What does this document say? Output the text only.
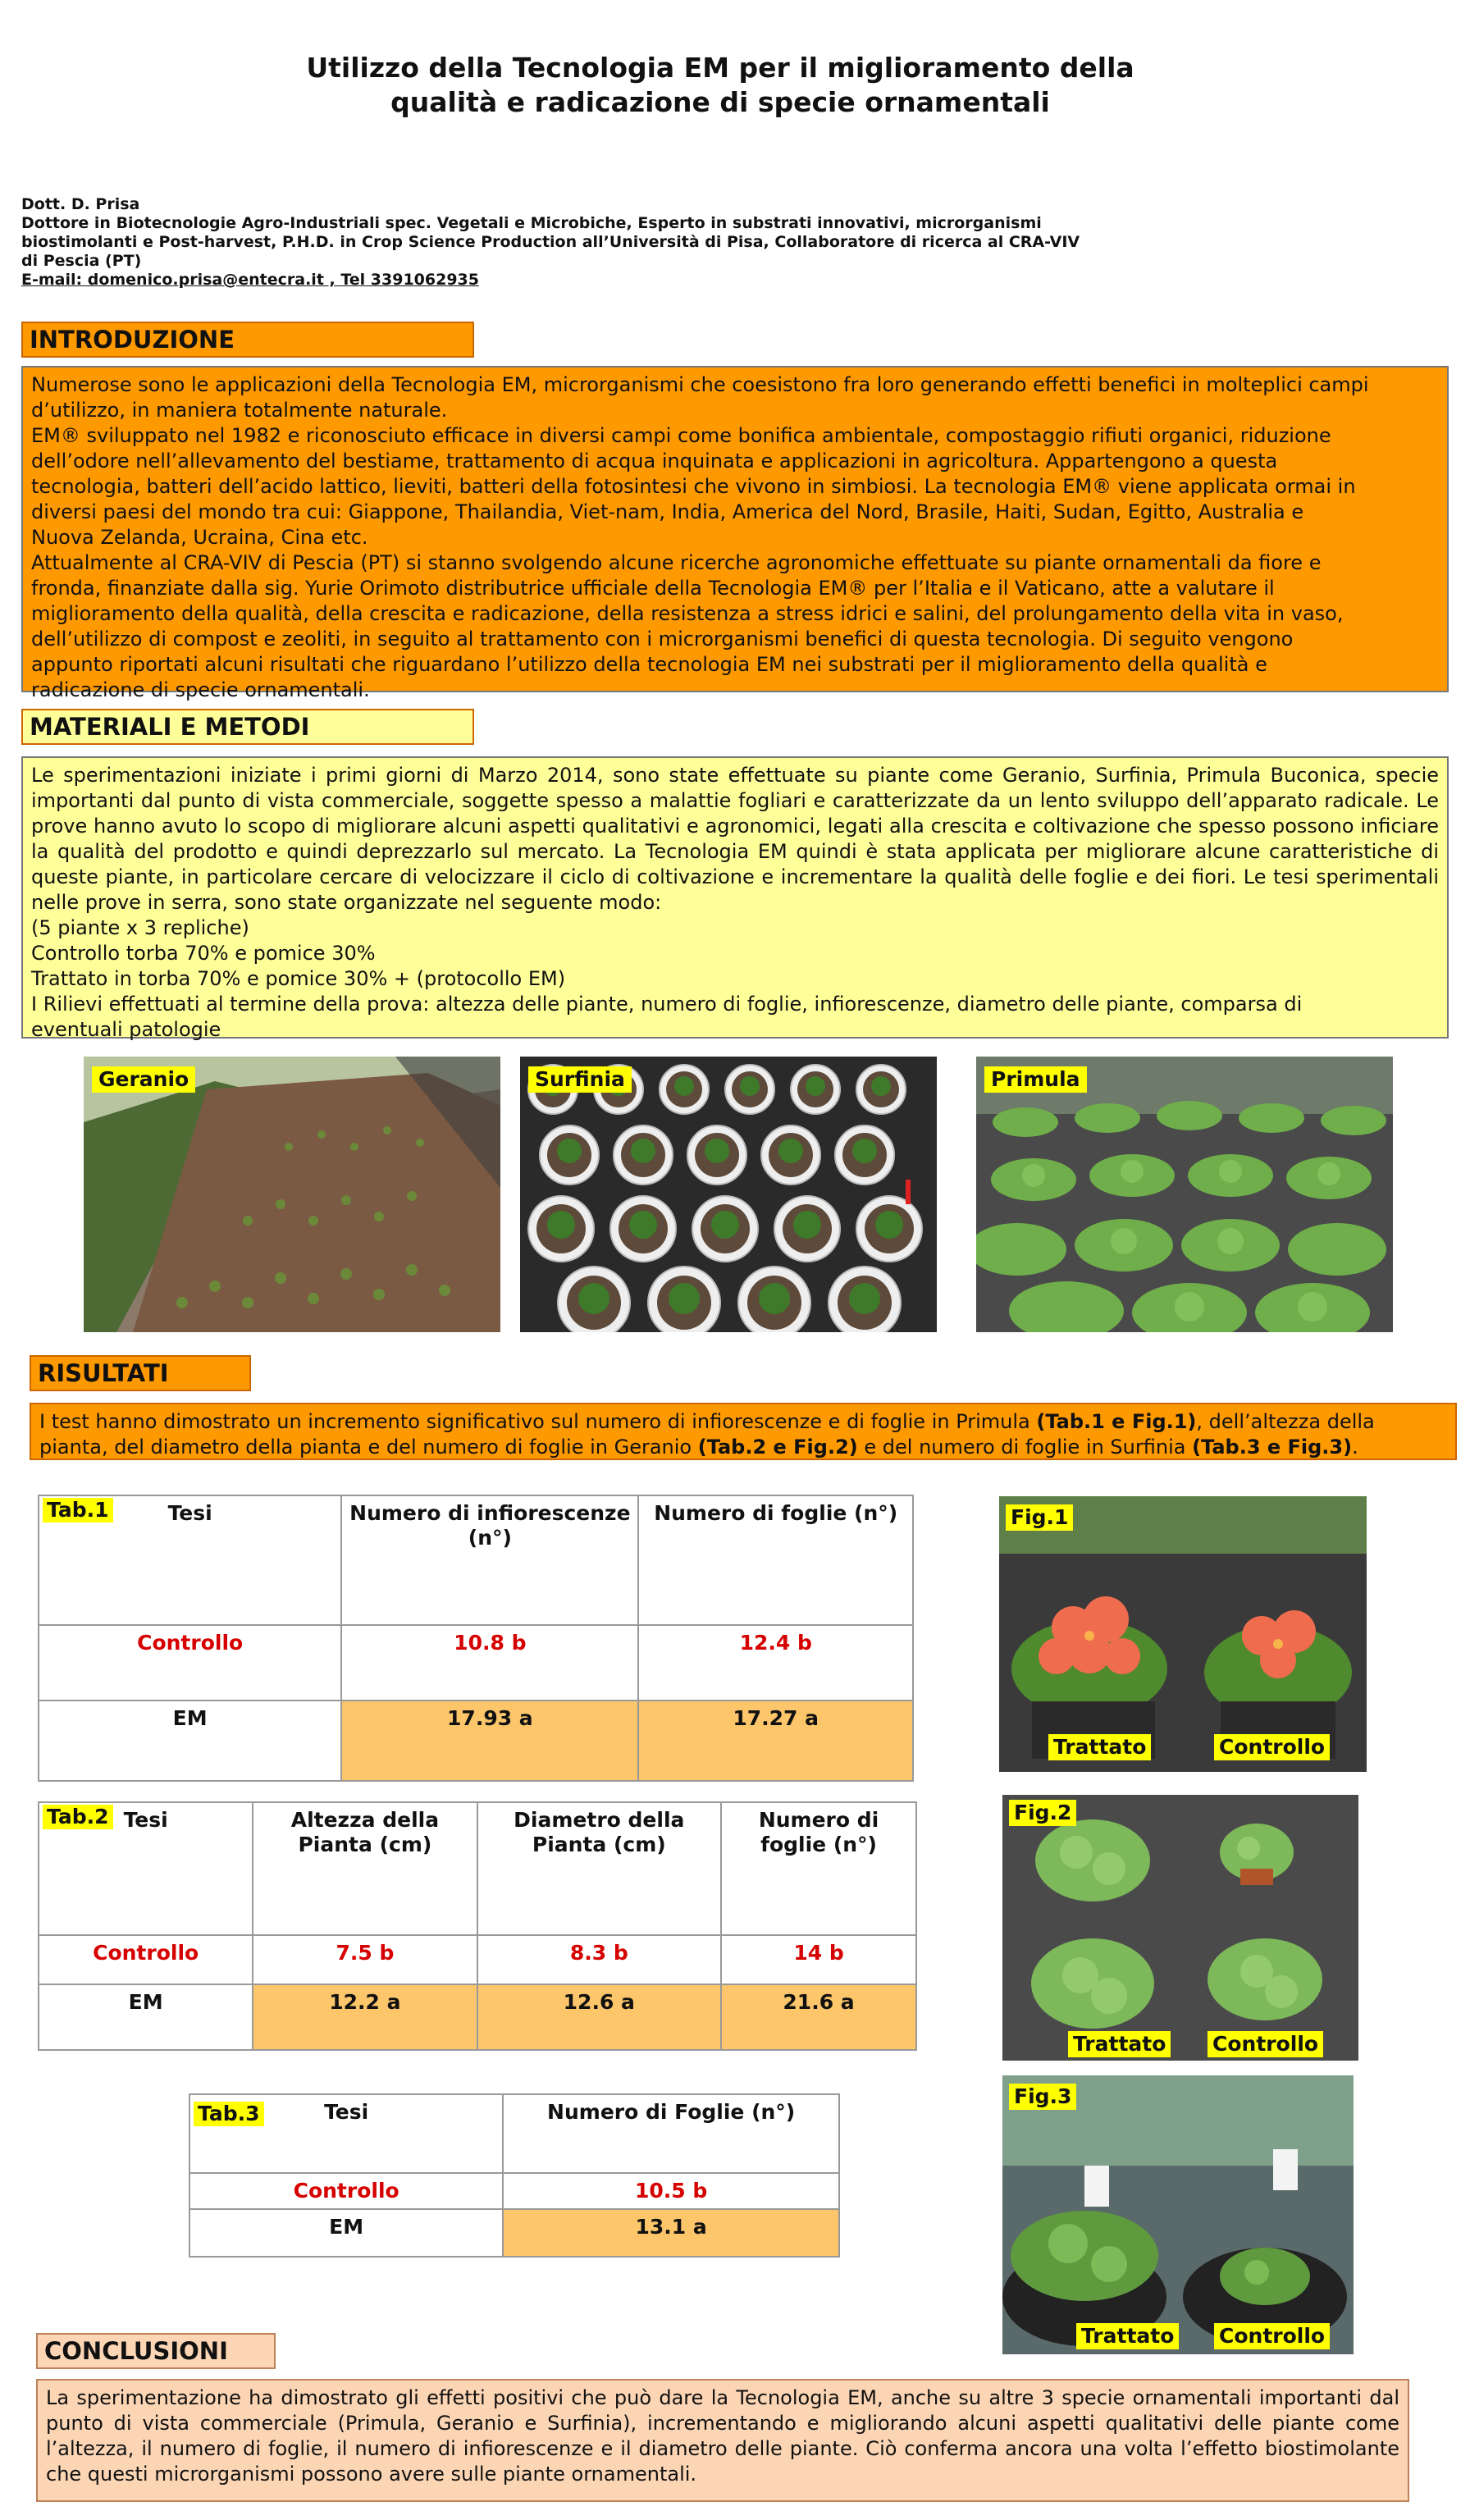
Utilizzo della Tecnologia EM per il miglioramento della
qualità e radicazione di specie ornamentali
Dott. D. Prisa
Dottore in Biotecnologie Agro-Industriali spec. Vegetali e Microbiche, Esperto in substrati innovativi, microrganismi
biostimolanti e Post-harvest, P.H.D. in Crop Science Production all’Università di Pisa, Collaboratore di ricerca al CRA-VIV
di Pescia (PT)
E-mail: domenico.prisa@entecra.it , Tel 3391062935
INTRODUZIONE
Numerose sono le applicazioni della Tecnologia EM, microrganismi che coesistono fra loro generando effetti benefici in molteplici campi
d’utilizzo, in maniera totalmente naturale.
EM® sviluppato nel 1982 e riconosciuto efficace in diversi campi come bonifica ambientale, compostaggio rifiuti organici, riduzione
dell’odore nell’allevamento del bestiame, trattamento di acqua inquinata e applicazioni in agricoltura. Appartengono a questa
tecnologia, batteri dell’acido lattico, lieviti, batteri della fotosintesi che vivono in simbiosi. La tecnologia EM® viene applicata ormai in
diversi paesi del mondo tra cui: Giappone, Thailandia, Viet-nam, India, America del Nord, Brasile, Haiti, Sudan, Egitto, Australia e
Nuova Zelanda, Ucraina, Cina etc.
Attualmente al CRA-VIV di Pescia (PT) si stanno svolgendo alcune ricerche agronomiche effettuate su piante ornamentali da fiore e
fronda, finanziate dalla sig. Yurie Orimoto distributrice ufficiale della Tecnologia EM® per l’Italia e il Vaticano, atte a valutare il
miglioramento della qualità, della crescita e radicazione, della resistenza a stress idrici e salini, del prolungamento della vita in vaso,
dell’utilizzo di compost e zeoliti, in seguito al trattamento con i microrganismi benefici di questa tecnologia. Di seguito vengono
appunto riportati alcuni risultati che riguardano l’utilizzo della tecnologia EM nei substrati per il miglioramento della qualità e
radicazione di specie ornamentali.
MATERIALI E METODI
Le sperimentazioni iniziate i primi giorni di Marzo 2014, sono state effettuate su piante come Geranio, Surfinia, Primula Buconica, specie importanti dal punto di vista commerciale, soggette spesso a malattie fogliari e caratterizzate da un lento sviluppo dell’apparato radicale. Le prove hanno avuto lo scopo di migliorare alcuni aspetti qualitativi e agronomici, legati alla crescita e coltivazione che spesso possono inficiare la qualità del prodotto e quindi deprezzarlo sul mercato. La Tecnologia EM quindi è stata applicata per migliorare alcune caratteristiche di queste piante, in particolare cercare di velocizzare il ciclo di coltivazione e incrementare la qualità delle foglie e dei fiori. Le tesi sperimentali nelle prove in serra, sono state organizzate nel seguente modo:
(5 piante x 3 repliche)
Controllo torba 70% e pomice 30%
Trattato in torba 70% e pomice 30% + (protocollo EM)
I Rilievi effettuati al termine della prova: altezza delle piante, numero di foglie, infiorescenze, diametro delle piante, comparsa di
eventuali patologie
Geranio	Surfinia	Primula
RISULTATI
I test hanno dimostrato un incremento significativo sul numero di infiorescenze e di foglie in Primula (Tab.1 e Fig.1), dell’altezza della pianta, del diametro della pianta e del numero di foglie in Geranio (Tab.2 e Fig.2) e del numero di foglie in Surfinia (Tab.3 e Fig.3).
Tesi	Numero di infiorescenze (n°)	Numero di foglie (n°)
Controllo	10.8 b	12.4 b
EM	17.93 a	17.27 a
Tab.1
Tesi	Altezza della Pianta (cm)	Diametro della Pianta (cm)	Numero di foglie (n°)
Controllo	7.5 b	8.3 b	14 b
EM	12.2 a	12.6 a	21.6 a
Tab.2
Tesi	Numero di Foglie (n°)
Controllo	10.5 b
EM	13.1 a
Tab.3
Fig.1
Trattato	Controllo
Fig.2
Trattato Controllo
Fig.3
Trattato Controllo
CONCLUSIONI
La sperimentazione ha dimostrato gli effetti positivi che può dare la Tecnologia EM, anche su altre 3 specie ornamentali importanti dal punto di vista commerciale (Primula, Geranio e Surfinia), incrementando e migliorando alcuni aspetti qualitativi delle piante come l’altezza, il numero di foglie, il numero di infiorescenze e il diametro delle piante. Ciò conferma ancora una volta l’effetto biostimolante che questi microrganismi possono avere sulle piante ornamentali.
